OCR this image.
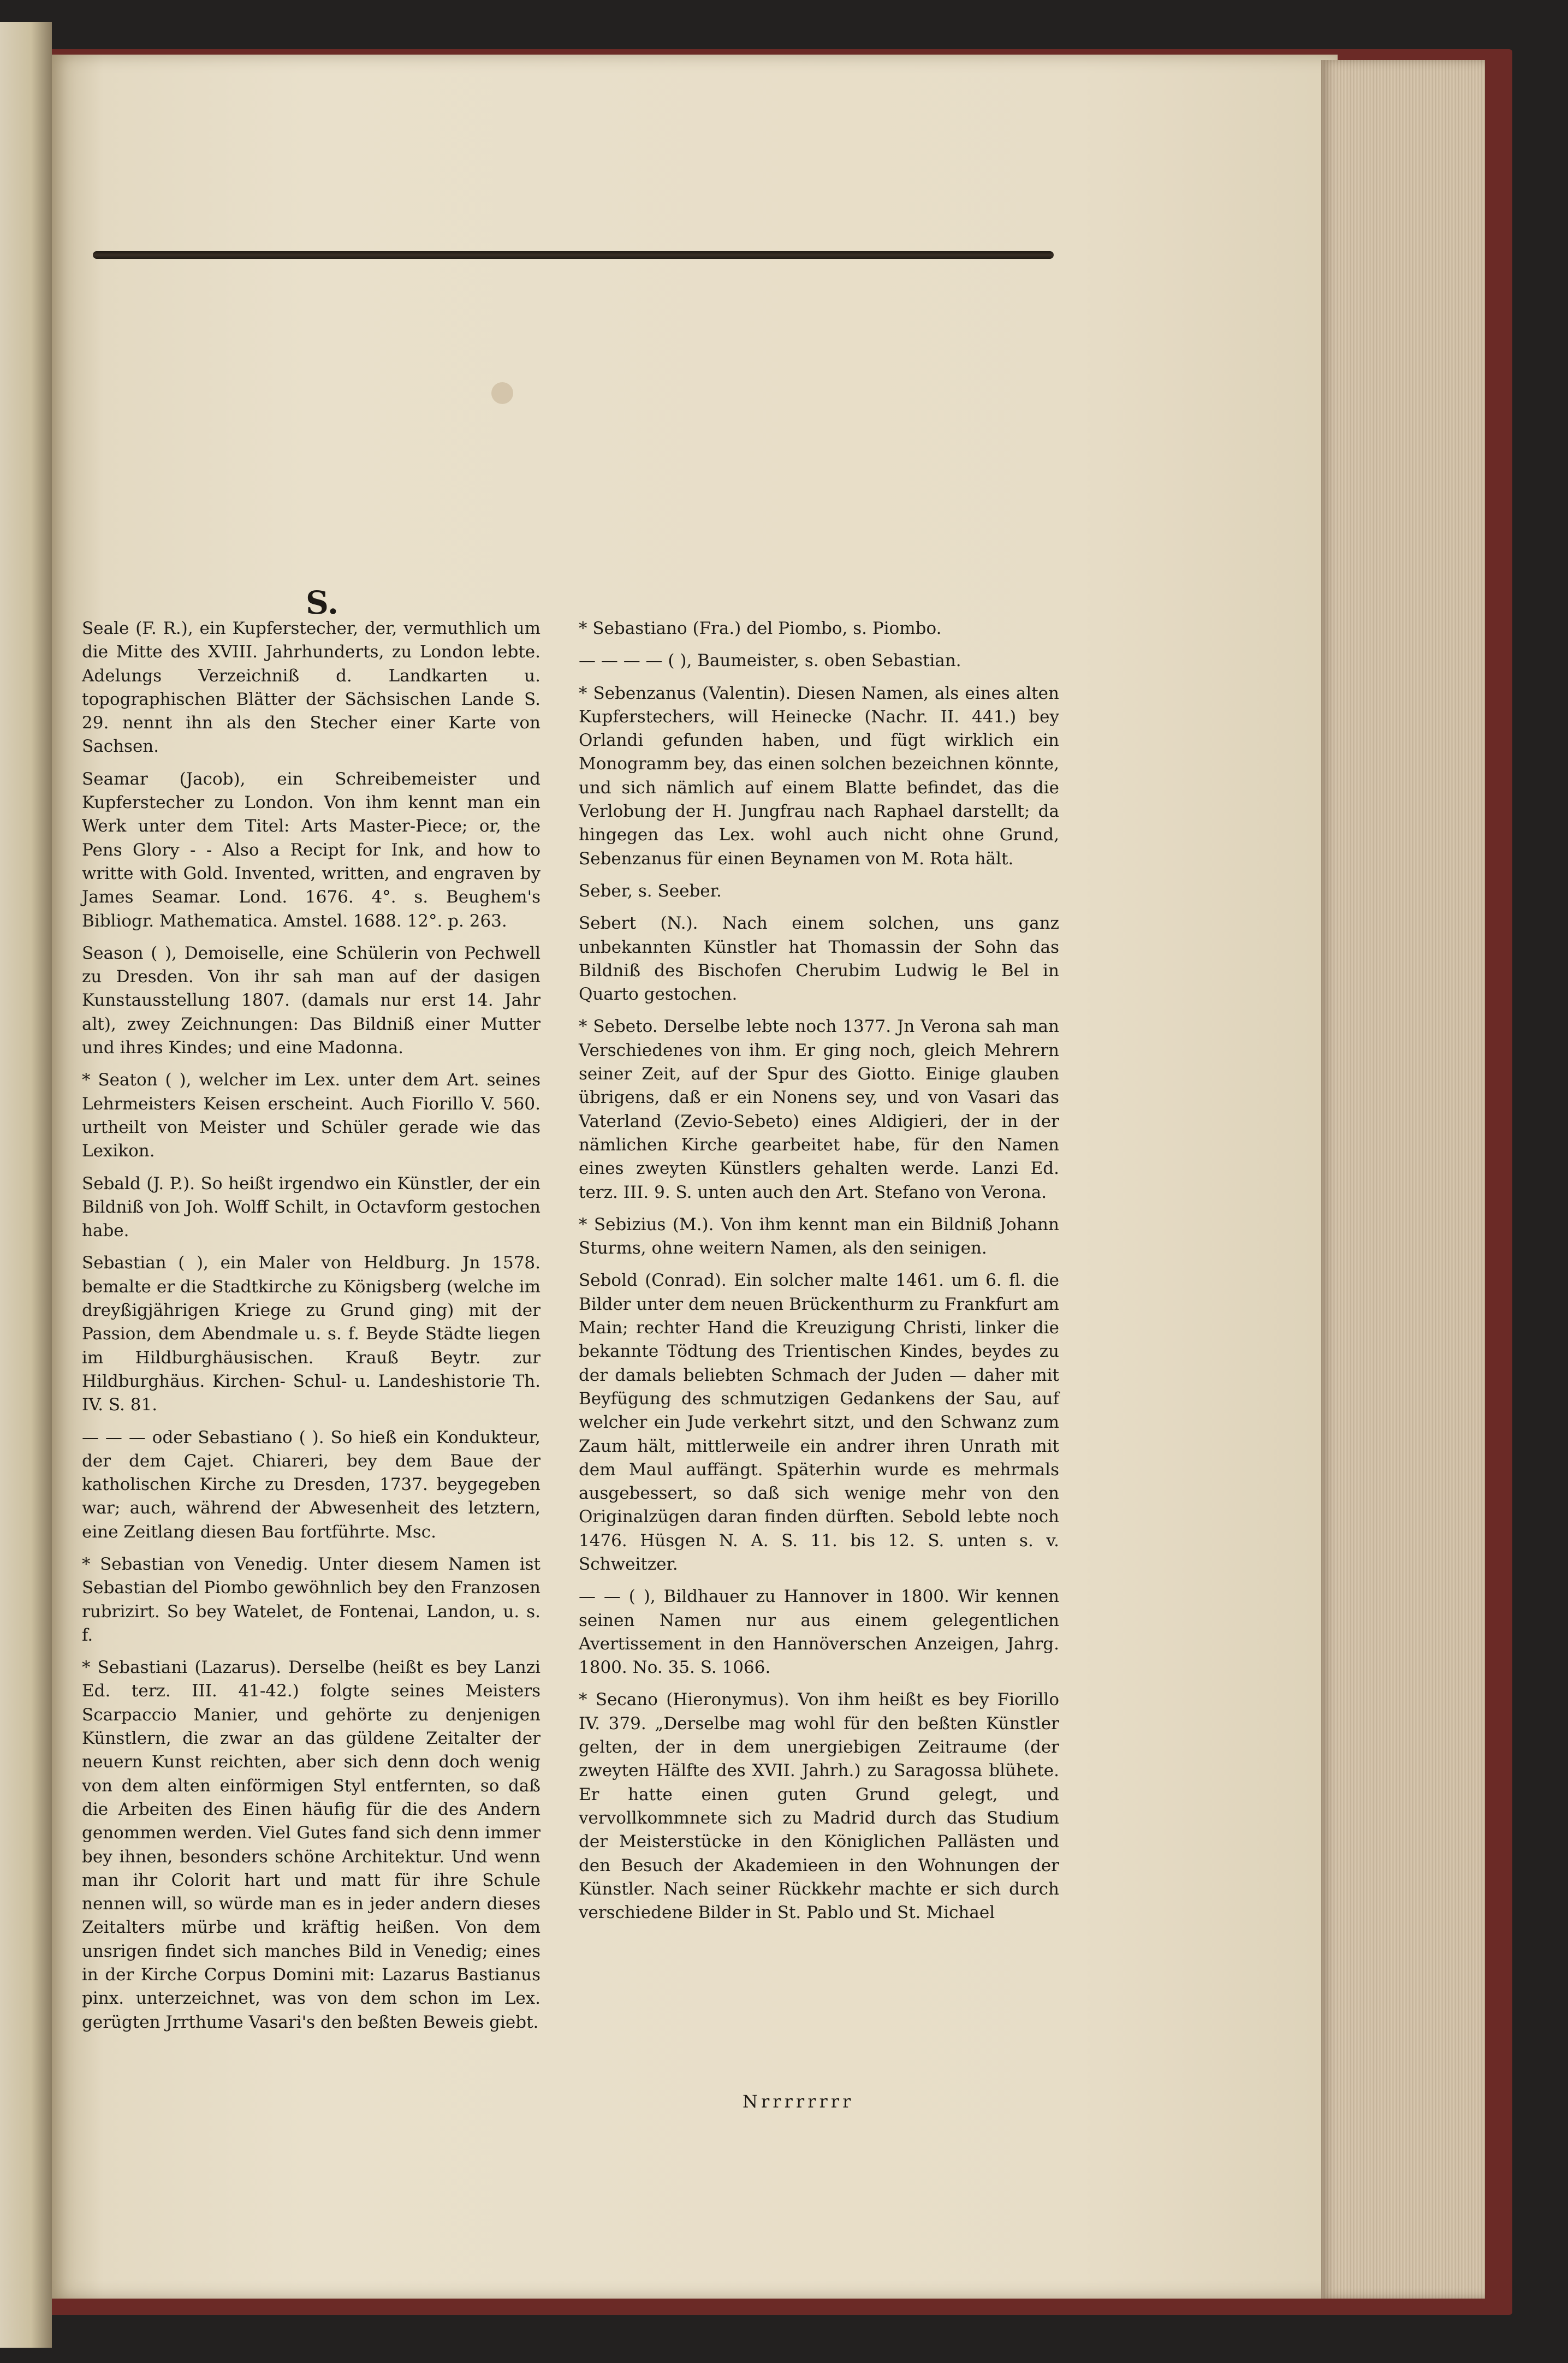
S.

Seale (F. R.), ein Kupferstecher, der, vermuthlich um die Mitte des XVIII. Jahrhunderts, zu London lebte. Adelungs Verzeichniß d. Landkarten u. topographischen Blätter der Sächsischen Lande S. 29. nennt ihn als den Stecher einer Karte von Sachsen.

Seamar (Jacob), ein Schreibemeister und Kupferstecher zu London. Von ihm kennt man ein Werk unter dem Titel: Arts Master-Piece; or, the Pens Glory - - Also a Recipt for Ink, and how to writte with Gold. Invented, written, and engraven by James Seamar. Lond. 1676. 4°. s. Beughem's Bibliogr. Mathematica. Amstel. 1688. 12°. p. 263.

Season ( ), Demoiselle, eine Schülerin von Pechwell zu Dresden. Von ihr sah man auf der dasigen Kunstausstellung 1807. (damals nur erst 14. Jahr alt), zwey Zeichnungen: Das Bildniß einer Mutter und ihres Kindes; und eine Madonna.

* Seaton ( ), welcher im Lex. unter dem Art. seines Lehrmeisters Keisen erscheint. Auch Fiorillo V. 560. urtheilt von Meister und Schüler gerade wie das Lexikon.

Sebald (J. P.). So heißt irgendwo ein Künstler, der ein Bildniß von Joh. Wolff Schilt, in Octavform gestochen habe.

Sebastian ( ), ein Maler von Heldburg. Jn 1578. bemalte er die Stadtkirche zu Königsberg (welche im dreyßigjährigen Kriege zu Grund ging) mit der Passion, dem Abendmale u. s. f. Beyde Städte liegen im Hildburghäusischen. Krauß Beytr. zur Hildburghäus. Kirchen- Schul- u. Landeshistorie Th. IV. S. 81.

— — — oder Sebastiano ( ). So hieß ein Kondukteur, der dem Cajet. Chiareri, bey dem Baue der katholischen Kirche zu Dresden, 1737. beygegeben war; auch, während der Abwesenheit des letztern, eine Zeitlang diesen Bau fortführte. Msc.

* Sebastian von Venedig. Unter diesem Namen ist Sebastian del Piombo gewöhnlich bey den Franzosen rubrizirt. So bey Watelet, de Fontenai, Landon, u. s. f.

* Sebastiani (Lazarus). Derselbe (heißt es bey Lanzi Ed. terz. III. 41-42.) folgte seines Meisters Scarpaccio Manier, und gehörte zu denjenigen Künstlern, die zwar an das güldene Zeitalter der neuern Kunst reichten, aber sich denn doch wenig von dem alten einförmigen Styl entfernten, so daß die Arbeiten des Einen häufig für die des Andern genommen werden. Viel Gutes fand sich denn immer bey ihnen, besonders schöne Architektur. Und wenn man ihr Colorit hart und matt für ihre Schule nennen will, so würde man es in jeder andern dieses Zeitalters mürbe und kräftig heißen. Von dem unsrigen findet sich manches Bild in Venedig; eines in der Kirche Corpus Domini mit: Lazarus Bastianus pinx. unterzeichnet, was von dem schon im Lex. gerügten Jrrthume Vasari's den beßten Beweis giebt.

* Sebastiano (Fra.) del Piombo, s. Piombo.

— — — — ( ), Baumeister, s. oben Sebastian.

* Sebenzanus (Valentin). Diesen Namen, als eines alten Kupferstechers, will Heinecke (Nachr. II. 441.) bey Orlandi gefunden haben, und fügt wirklich ein Monogramm bey, das einen solchen bezeichnen könnte, und sich nämlich auf einem Blatte befindet, das die Verlobung der H. Jungfrau nach Raphael darstellt; da hingegen das Lex. wohl auch nicht ohne Grund, Sebenzanus für einen Beynamen von M. Rota hält.

Seber, s. Seeber.

Sebert (N.). Nach einem solchen, uns ganz unbekannten Künstler hat Thomassin der Sohn das Bildniß des Bischofen Cherubim Ludwig le Bel in Quarto gestochen.

* Sebeto. Derselbe lebte noch 1377. Jn Verona sah man Verschiedenes von ihm. Er ging noch, gleich Mehrern seiner Zeit, auf der Spur des Giotto. Einige glauben übrigens, daß er ein Nonens sey, und von Vasari das Vaterland (Zevio-Sebeto) eines Aldigieri, der in der nämlichen Kirche gearbeitet habe, für den Namen eines zweyten Künstlers gehalten werde. Lanzi Ed. terz. III. 9. S. unten auch den Art. Stefano von Verona.

* Sebizius (M.). Von ihm kennt man ein Bildniß Johann Sturms, ohne weitern Namen, als den seinigen.

Sebold (Conrad). Ein solcher malte 1461. um 6. fl. die Bilder unter dem neuen Brückenthurm zu Frankfurt am Main; rechter Hand die Kreuzigung Christi, linker die bekannte Tödtung des Trientischen Kindes, beydes zu der damals beliebten Schmach der Juden — daher mit Beyfügung des schmutzigen Gedankens der Sau, auf welcher ein Jude verkehrt sitzt, und den Schwanz zum Zaum hält, mittlerweile ein andrer ihren Unrath mit dem Maul auffängt. Späterhin wurde es mehrmals ausgebessert, so daß sich wenige mehr von den Originalzügen daran finden dürften. Sebold lebte noch 1476. Hüsgen N. A. S. 11. bis 12. S. unten s. v. Schweitzer.

— — ( ), Bildhauer zu Hannover in 1800. Wir kennen seinen Namen nur aus einem gelegentlichen Avertissement in den Hannöverschen Anzeigen, Jahrg. 1800. No. 35. S. 1066.

* Secano (Hieronymus). Von ihm heißt es bey Fiorillo IV. 379. „Derselbe mag wohl für den beßten Künstler gelten, der in dem unergiebigen Zeitraume (der zweyten Hälfte des XVII. Jahrh.) zu Saragossa blühete. Er hatte einen guten Grund gelegt, und vervollkommnete sich zu Madrid durch das Studium der Meisterstücke in den Königlichen Pallästen und den Besuch der Akademieen in den Wohnungen der Künstler. Nach seiner Rückkehr machte er sich durch verschiedene Bilder in St. Pablo und St. Michael

Nrrrrrrrr
